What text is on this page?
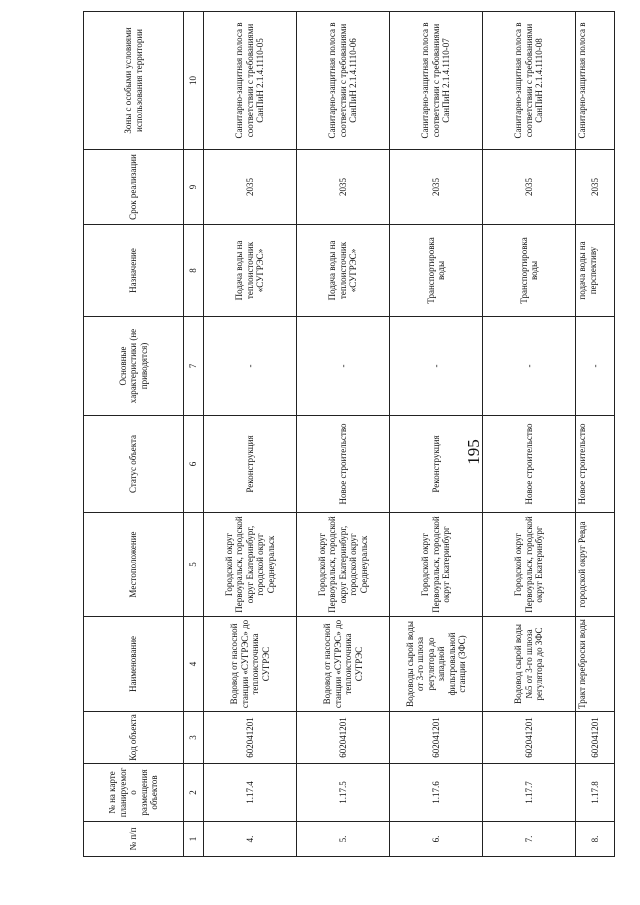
195
№ п/п	№ на карте планируемого размещения объектов	Код объекта	Наименование	Местоположение	Статус объекта	Основные характеристики (не приводятся)	Назначение	Срок реализации	Зоны с особыми условиями использования территории
1	2	3	4	5	6	7	8	9	10
4.	1.17.4	602041201	Водовод от насосной станции «СУГРЭС» до теплоисточника СУГРЭС	Городской округ Первоуральск, городской округ Екатеринбург, городской округ Среднеуральск	Реконструкция	-	Подача воды на теплоисточник «СУГРЭС»	2035	Санитарно-защитная полоса в соответствии с требованиями СанПиН 2.1.4.1110-05
5.	1.17.5	602041201	Водовод от насосной станции «СУГРЭС» до теплоисточника СУГРЭС	Городской округ Первоуральск, городской округ Екатеринбург, городской округ Среднеуральск	Новое строительство	-	Подача воды на теплоисточник «СУГРЭС»	2035	Санитарно-защитная полоса в соответствии с требованиями СанПиН 2.1.4.1110-06
6.	1.17.6	602041201	Водоводы сырой воды от 3-го шлюза регулятора до западной фильтровальной станции (ЗФС)	Городской округ Первоуральск, городской округ Екатеринбург	Реконструкция	-	Транспортировка воды	2035	Санитарно-защитная полоса в соответствии с требованиями СанПиН 2.1.4.1110-07
7.	1.17.7	602041201	Водовод сырой воды №5 от 3-го шлюза регулятора до ЗФС	Городской округ Первоуральск, городской округ Екатеринбург	Новое строительство	-	Транспортировка воды	2035	Санитарно-защитная полоса в соответствии с требованиями СанПиН 2.1.4.1110-08
8.	1.17.8	602041201	Тракт переброски воды	городской округ Ревда	Новое строительство	-	подача воды на перспективу	2035	Санитарно-защитная полоса в
